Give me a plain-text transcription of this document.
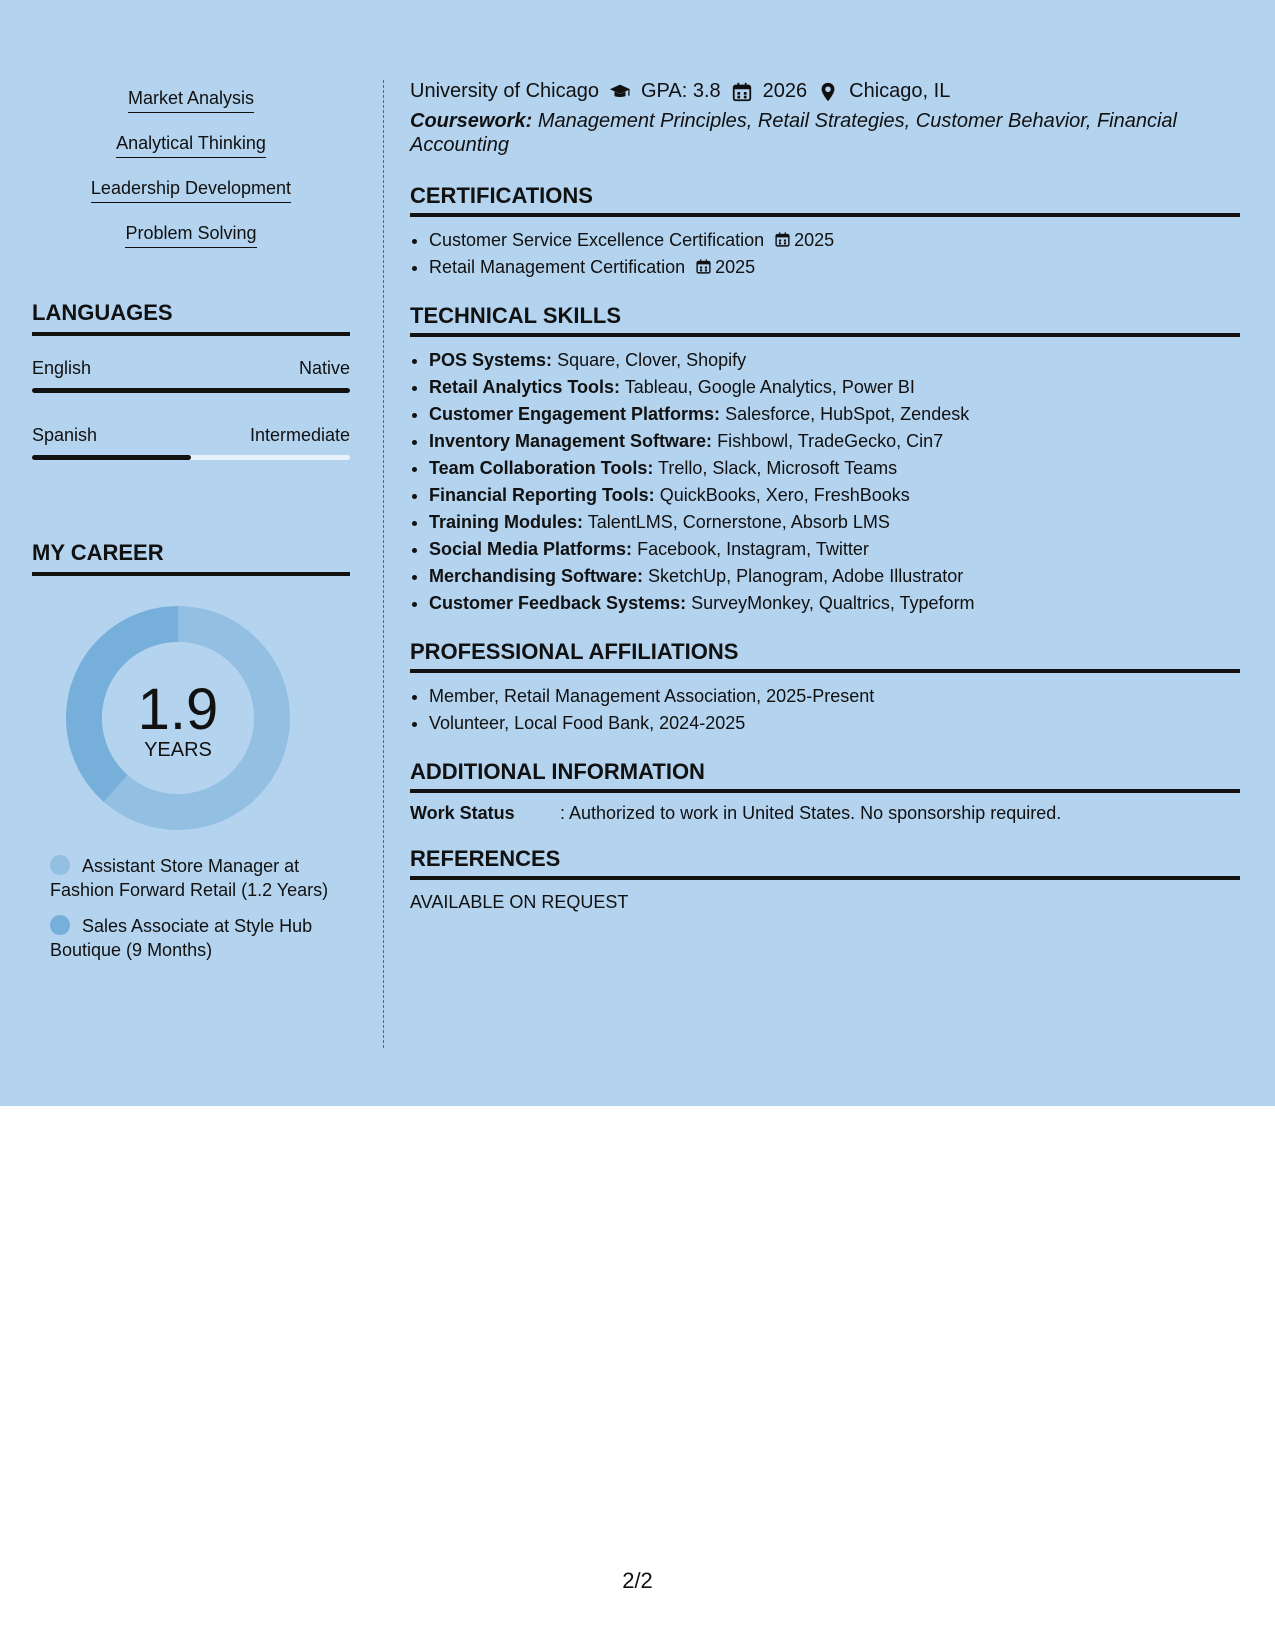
Market Analysis
Analytical Thinking
Leadership Development
Problem Solving
LANGUAGES
English	Native
Spanish	Intermediate
MY CAREER
1.9
YEARS
Assistant Store Manager at Fashion Forward Retail (1.2 Years)
Sales Associate at Style Hub Boutique (9 Months)
University of Chicago GPA: 3.8 2026 Chicago, IL
Coursework: Management Principles, Retail Strategies, Customer Behavior, Financial Accounting
CERTIFICATIONS
• Customer Service Excellence Certification 2025
• Retail Management Certification 2025
TECHNICAL SKILLS
• POS Systems: Square, Clover, Shopify
• Retail Analytics Tools: Tableau, Google Analytics, Power BI
• Customer Engagement Platforms: Salesforce, HubSpot, Zendesk
• Inventory Management Software: Fishbowl, TradeGecko, Cin7
• Team Collaboration Tools: Trello, Slack, Microsoft Teams
• Financial Reporting Tools: QuickBooks, Xero, FreshBooks
• Training Modules: TalentLMS, Cornerstone, Absorb LMS
• Social Media Platforms: Facebook, Instagram, Twitter
• Merchandising Software: SketchUp, Planogram, Adobe Illustrator
• Customer Feedback Systems: SurveyMonkey, Qualtrics, Typeform
PROFESSIONAL AFFILIATIONS
• Member, Retail Management Association, 2025-Present
• Volunteer, Local Food Bank, 2024-2025
ADDITIONAL INFORMATION
Work Status	: Authorized to work in United States. No sponsorship required.
REFERENCES
AVAILABLE ON REQUEST
2/2
